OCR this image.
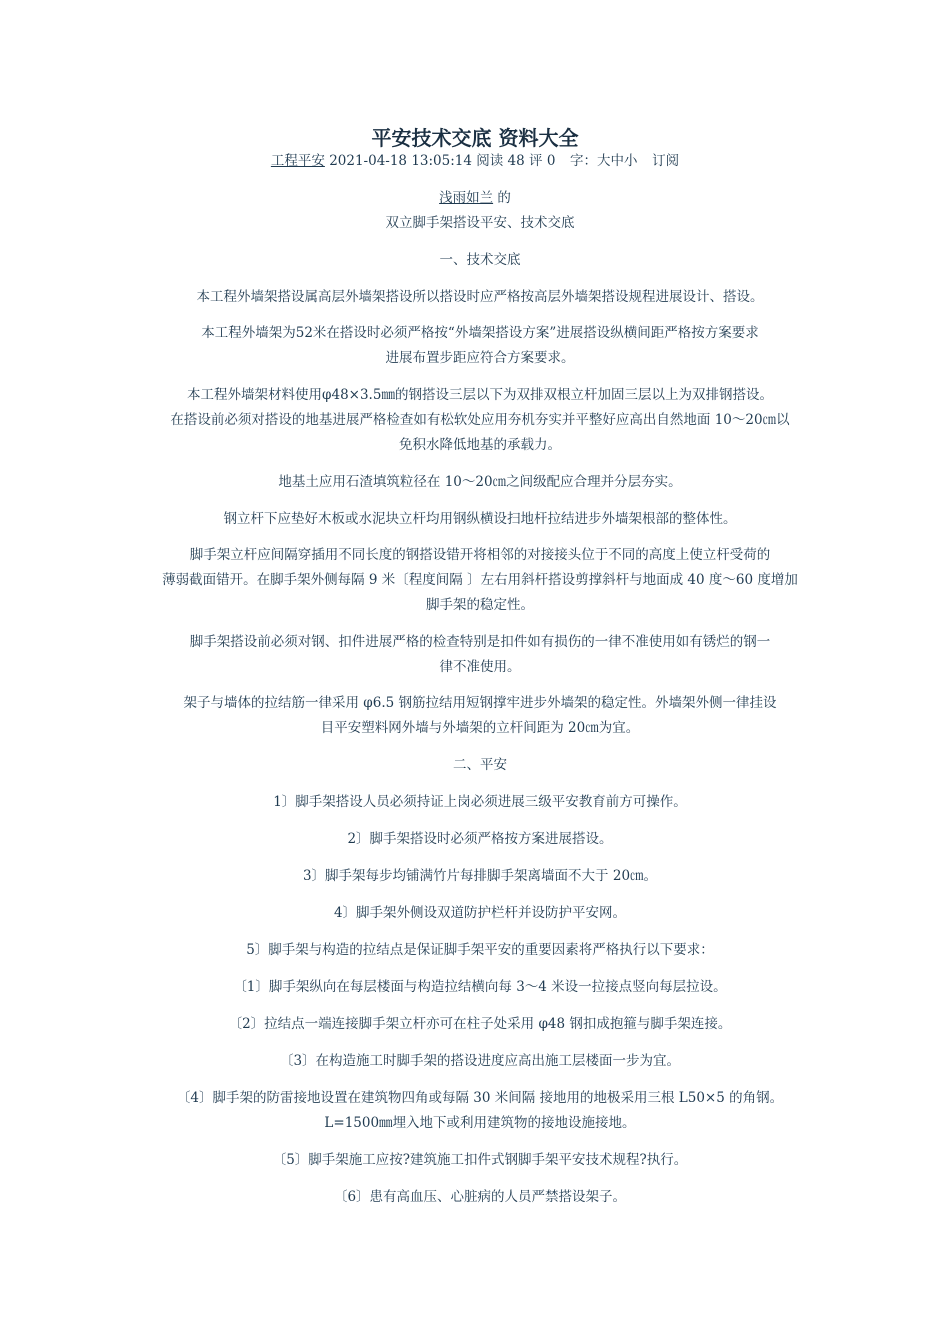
平安技术交底 资料大全
工程平安 2021-04-18 13:05:14 阅读 48 评 0 字：大中小 订阅
浅雨如兰 的
双立脚手架搭设平安、技术交底
一、技术交底
本工程外墙架搭设属高层外墙架搭设所以搭设时应严格按高层外墙架搭设规程进展设计、搭设。
本工程外墙架为52米在搭设时必须严格按“外墙架搭设方案”进展搭设纵横间距严格按方案要求
进展布置步距应符合方案要求。
本工程外墙架材料使用φ48×3.5㎜的钢搭设三层以下为双排双根立杆加固三层以上为双排钢搭设。
在搭设前必须对搭设的地基进展严格检查如有松软处应用夯机夯实并平整好应高出自然地面 10～20㎝以
免积水降低地基的承载力。
地基土应用石渣填筑粒径在 10～20㎝之间级配应合理并分层夯实。
钢立杆下应垫好木板或水泥块立杆均用钢纵横设扫地杆拉结进步外墙架根部的整体性。
脚手架立杆应间隔穿插用不同长度的钢搭设错开将相邻的对接接头位于不同的高度上使立杆受荷的
薄弱截面错开。在脚手架外侧每隔 9 米〔程度间隔 〕左右用斜杆搭设剪撑斜杆与地面成 40 度～60 度增加
脚手架的稳定性。
脚手架搭设前必须对钢、扣件进展严格的检查特别是扣件如有损伤的一律不准使用如有锈烂的钢一
律不准使用。
架子与墙体的拉结筋一律采用 φ6.5 钢筋拉结用短钢撑牢进步外墙架的稳定性。外墙架外侧一律挂设
目平安塑料网外墙与外墙架的立杆间距为 20㎝为宜。
二、平安
1〕脚手架搭设人员必须持证上岗必须进展三级平安教育前方可操作。
2〕脚手架搭设时必须严格按方案进展搭设。
3〕脚手架每步均铺满竹片每排脚手架离墙面不大于 20㎝。
4〕脚手架外侧设双道防护栏杆并设防护平安网。
5〕脚手架与构造的拉结点是保证脚手架平安的重要因素将严格执行以下要求：
〔1〕脚手架纵向在每层楼面与构造拉结横向每 3～4 米设一拉接点竖向每层拉设。
〔2〕拉结点一端连接脚手架立杆亦可在柱子处采用 φ48 钢扣成抱箍与脚手架连接。
〔3〕在构造施工时脚手架的搭设进度应高出施工层楼面一步为宜。
〔4〕脚手架的防雷接地设置在建筑物四角或每隔 30 米间隔 接地用的地极采用三根 L50×5 的角钢。
L=1500㎜埋入地下或利用建筑物的接地设施接地。
〔5〕脚手架施工应按?建筑施工扣件式钢脚手架平安技术规程?执行。
〔6〕患有高血压、心脏病的人员严禁搭设架子。
